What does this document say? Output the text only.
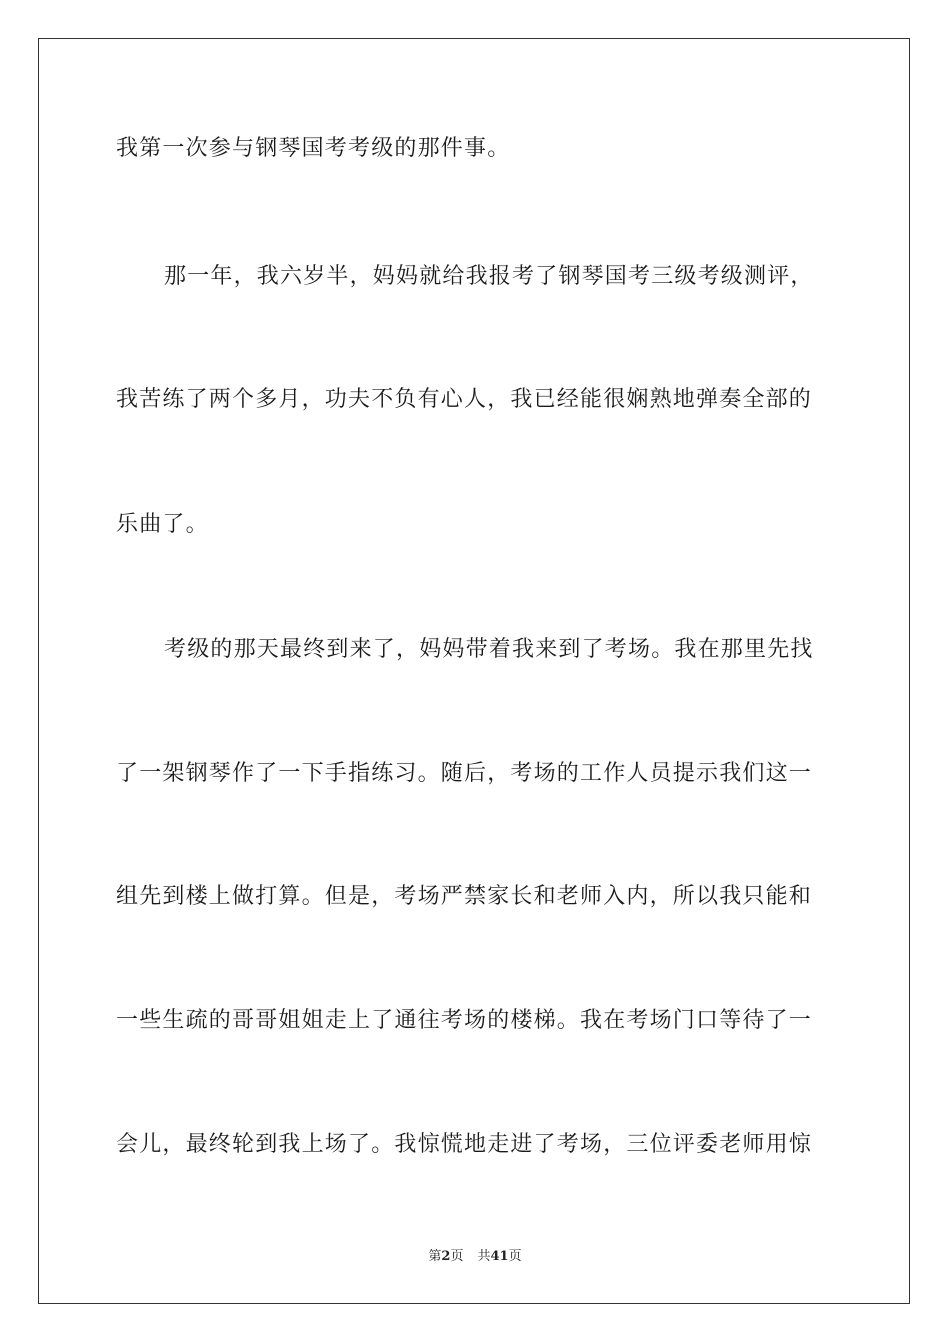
我第一次参与钢琴国考考级的那件事。
那一年，我六岁半，妈妈就给我报考了钢琴国考三级考级测评，
我苦练了两个多月，功夫不负有心人，我已经能很娴熟地弹奏全部的
乐曲了。
考级的那天最终到来了，妈妈带着我来到了考场。我在那里先找
了一架钢琴作了一下手指练习。随后，考场的工作人员提示我们这一
组先到楼上做打算。但是，考场严禁家长和老师入内，所以我只能和
一些生疏的哥哥姐姐走上了通往考场的楼梯。我在考场门口等待了一
会儿，最终轮到我上场了。我惊慌地走进了考场，三位评委老师用惊
第2页 共41页
